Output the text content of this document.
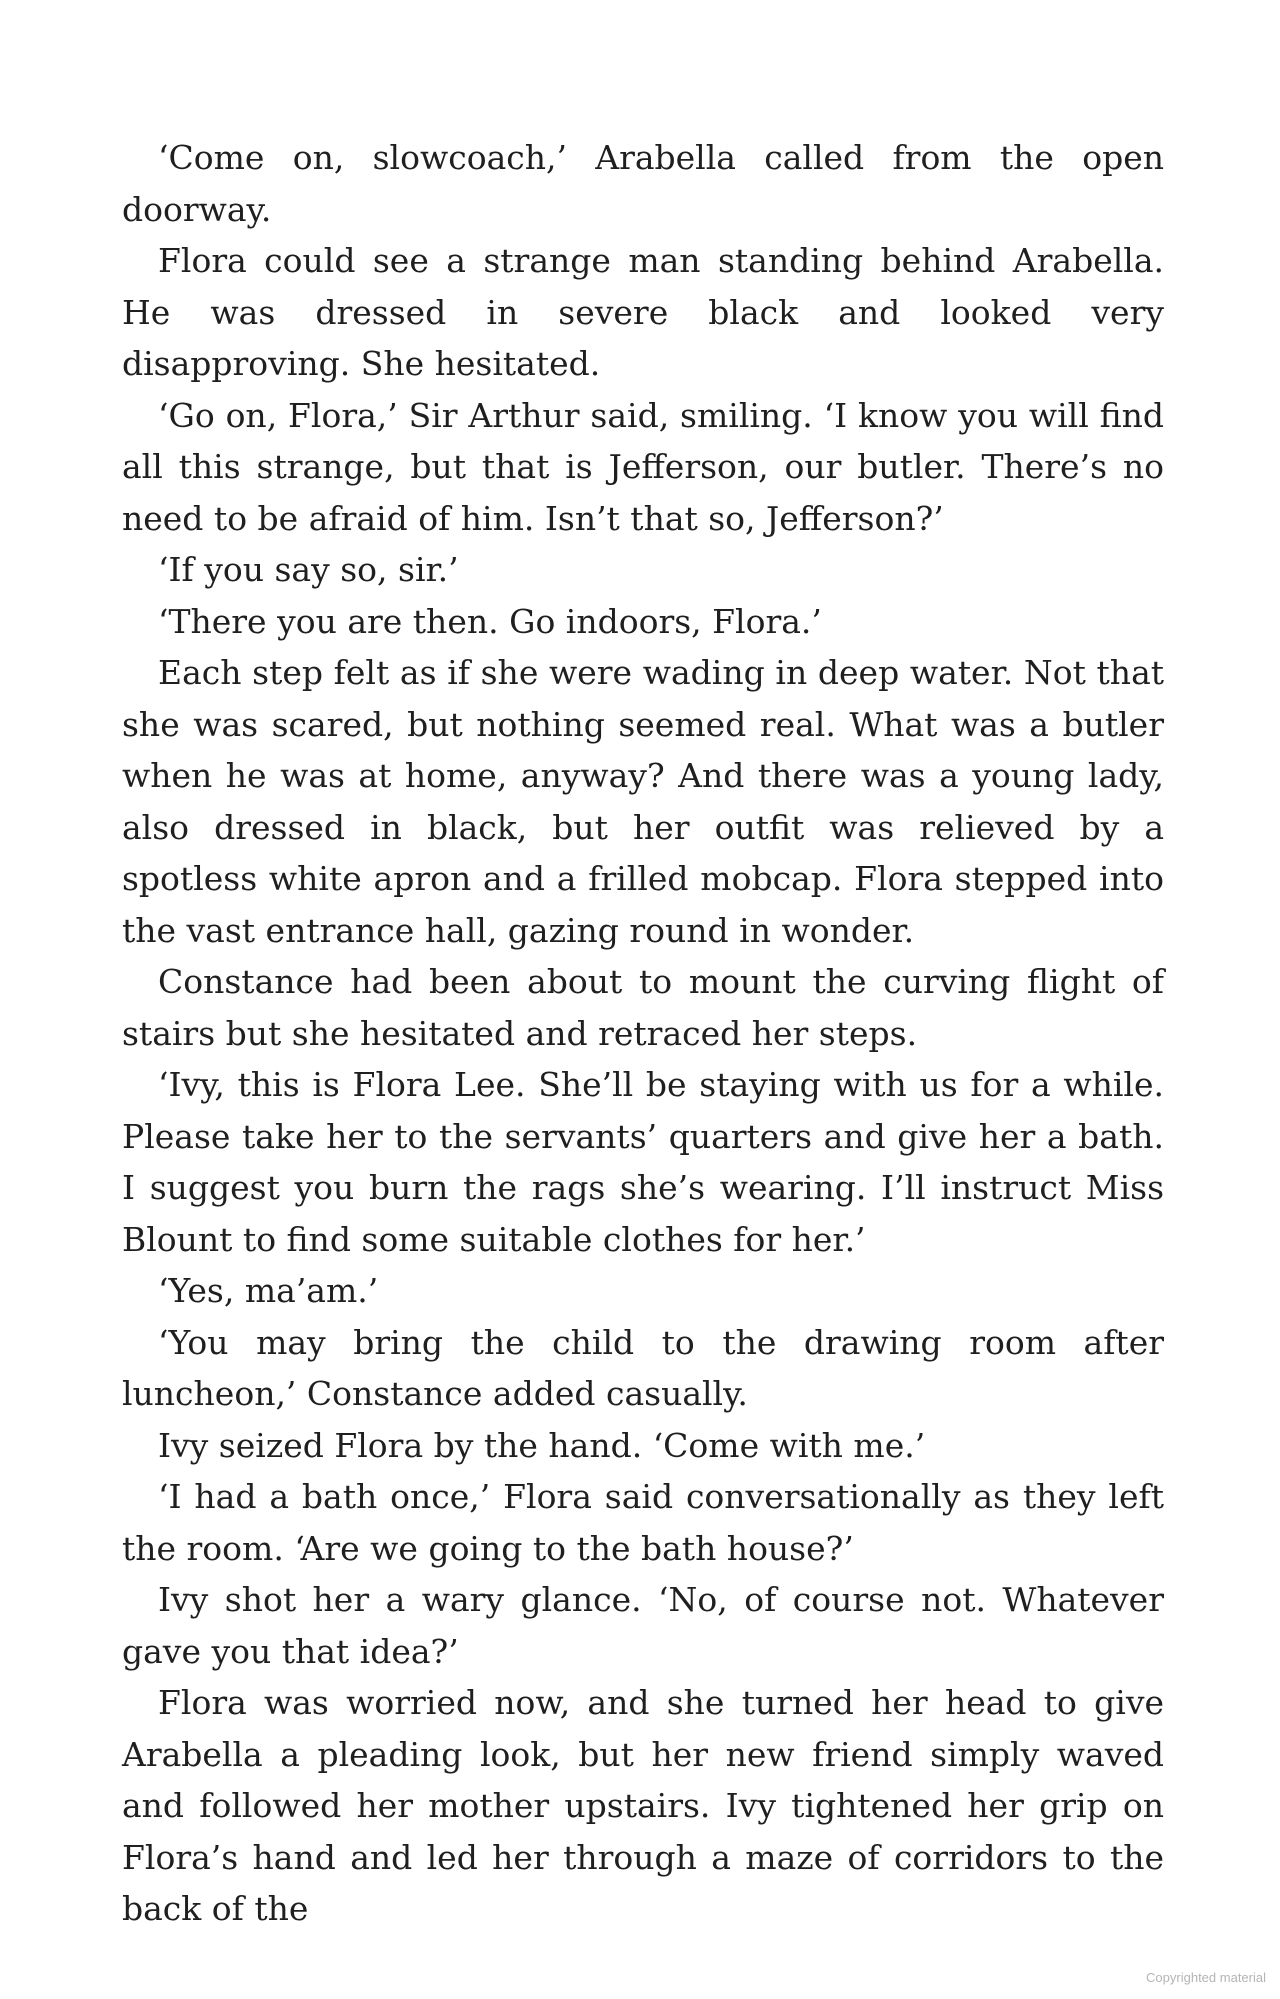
‘Come on, slowcoach,’ Arabella called from the open doorway.

Flora could see a strange man standing behind Arabella. He was dressed in severe black and looked very disapproving. She hesitated.

‘Go on, Flora,’ Sir Arthur said, smiling. ‘I know you will find all this strange, but that is Jefferson, our butler. There’s no need to be afraid of him. Isn’t that so, Jefferson?’

‘If you say so, sir.’

‘There you are then. Go indoors, Flora.’

Each step felt as if she were wading in deep water. Not that she was scared, but nothing seemed real. What was a butler when he was at home, anyway? And there was a young lady, also dressed in black, but her outfit was relieved by a spotless white apron and a frilled mobcap. Flora stepped into the vast entrance hall, gazing round in wonder.

Constance had been about to mount the curving flight of stairs but she hesitated and retraced her steps.

‘Ivy, this is Flora Lee. She’ll be staying with us for a while. Please take her to the servants’ quarters and give her a bath. I suggest you burn the rags she’s wearing. I’ll instruct Miss Blount to find some suitable clothes for her.’

‘Yes, ma’am.’

‘You may bring the child to the drawing room after luncheon,’ Constance added casually.

Ivy seized Flora by the hand. ‘Come with me.’

‘I had a bath once,’ Flora said conversationally as they left the room. ‘Are we going to the bath house?’

Ivy shot her a wary glance. ‘No, of course not. Whatever gave you that idea?’

Flora was worried now, and she turned her head to give Arabella a pleading look, but her new friend simply waved and followed her mother upstairs. Ivy tightened her grip on Flora’s hand and led her through a maze of corridors to the back of the

Copyrighted material
